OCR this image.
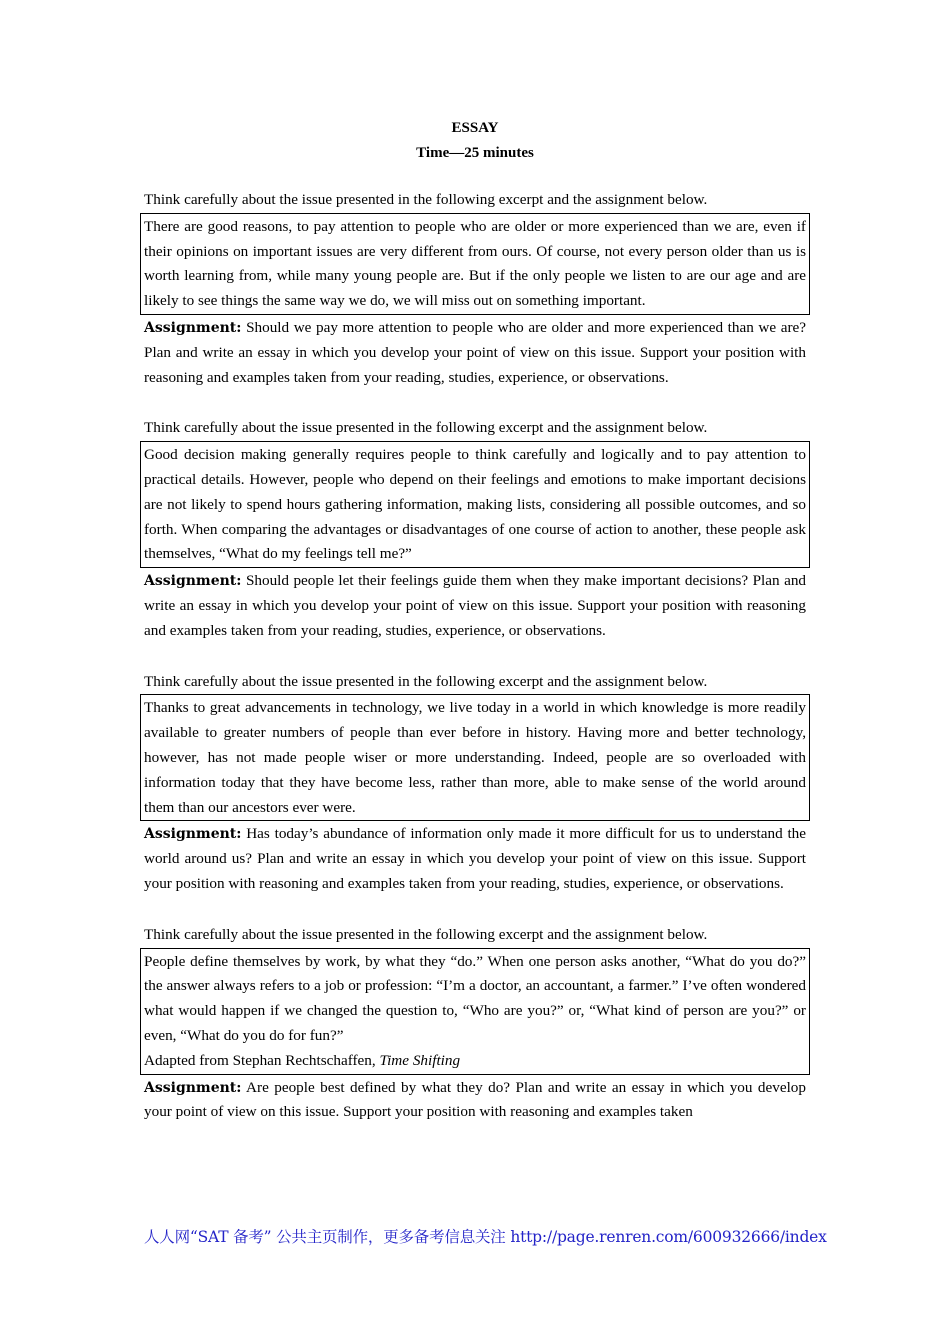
ESSAY
Time—25 minutes
Think carefully about the issue presented in the following excerpt and the assignment below.

There are good reasons, to pay attention to people who are older or more experienced than we are, even if their opinions on important issues are very different from ours. Of course, not every person older than us is worth learning from, while many young people are. But if the only people we listen to are our age and are likely to see things the same way we do, we will miss out on something important.

Assignment: Should we pay more attention to people who are older and more experienced than we are? Plan and write an essay in which you develop your point of view on this issue. Support your position with reasoning and examples taken from your reading, studies, experience, or observations.
Think carefully about the issue presented in the following excerpt and the assignment below.

Good decision making generally requires people to think carefully and logically and to pay attention to practical details. However, people who depend on their feelings and emotions to make important decisions are not likely to spend hours gathering information, making lists, considering all possible outcomes, and so forth. When comparing the advantages or disadvantages of one course of action to another, these people ask themselves, “What do my feelings tell me?”

Assignment: Should people let their feelings guide them when they make important decisions? Plan and write an essay in which you develop your point of view on this issue. Support your position with reasoning and examples taken from your reading, studies, experience, or observations.
Think carefully about the issue presented in the following excerpt and the assignment below.

Thanks to great advancements in technology, we live today in a world in which knowledge is more readily available to greater numbers of people than ever before in history. Having more and better technology, however, has not made people wiser or more understanding. Indeed, people are so overloaded with information today that they have become less, rather than more, able to make sense of the world around them than our ancestors ever were.

Assignment: Has today’s abundance of information only made it more difficult for us to understand the world around us? Plan and write an essay in which you develop your point of view on this issue. Support your position with reasoning and examples taken from your reading, studies, experience, or observations.
Think carefully about the issue presented in the following excerpt and the assignment below.

People define themselves by work, by what they “do.” When one person asks another, “What do you do?” the answer always refers to a job or profession: “I’m a doctor, an accountant, a farmer.” I’ve often wondered what would happen if we changed the question to, “Who are you?” or, “What kind of person are you?” or even, “What do you do for fun?”

Adapted from Stephan Rechtschaffen, Time Shifting

Assignment: Are people best defined by what they do? Plan and write an essay in which you develop your point of view on this issue. Support your position with reasoning and examples taken
人人网“SAT 备考” 公共主页制作，更多备考信息关注 http://page.renren.com/600932666/index
